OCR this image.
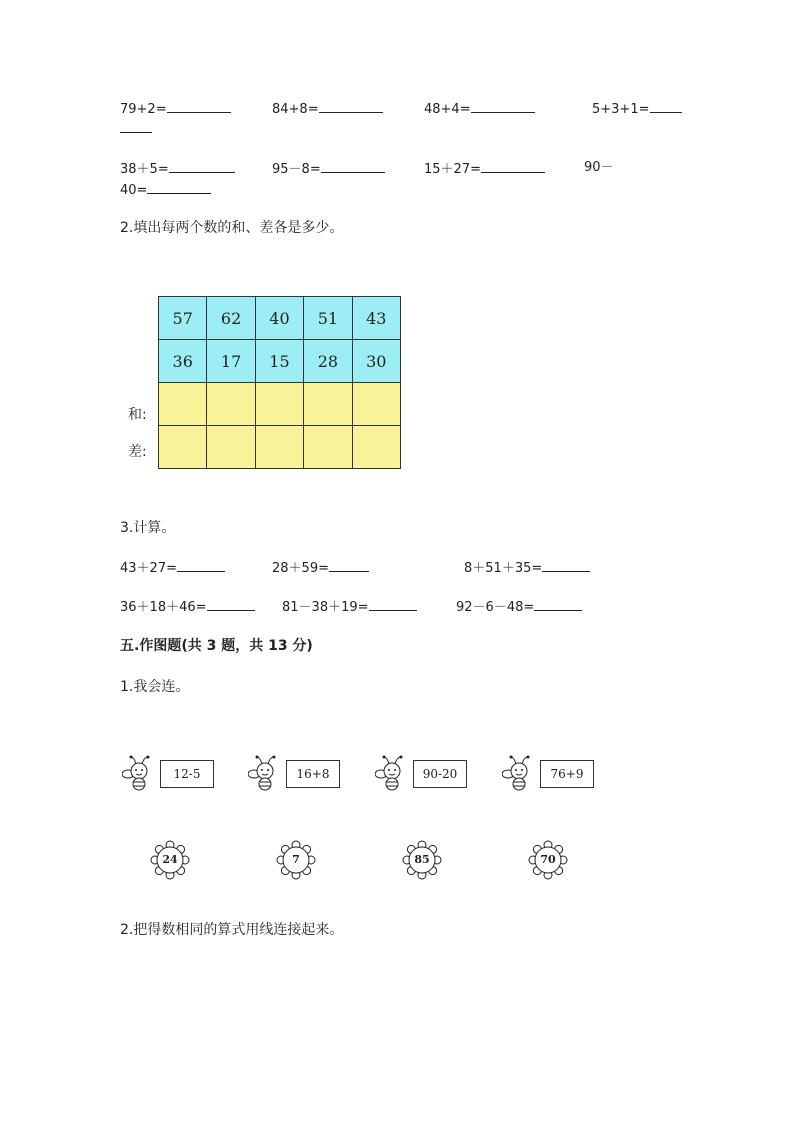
79+2=	84+8=	48+4=	5+3+1=
38＋5=	95－8=	15＋27=	90－
40=
2.填出每两个数的和、差各是多少。
57	62	40	51	43
36	17	15	28	30

和:
差:
3.计算。
43＋27=	28＋59=	8＋51＋35=
36＋18＋46=	81－38＋19=	92－6－48=
五.作图题(共 3 题，共 13 分)
1.我会连。
12-5	16+8	90-20	76+9
24	7	85	70
2.把得数相同的算式用线连接起来。
